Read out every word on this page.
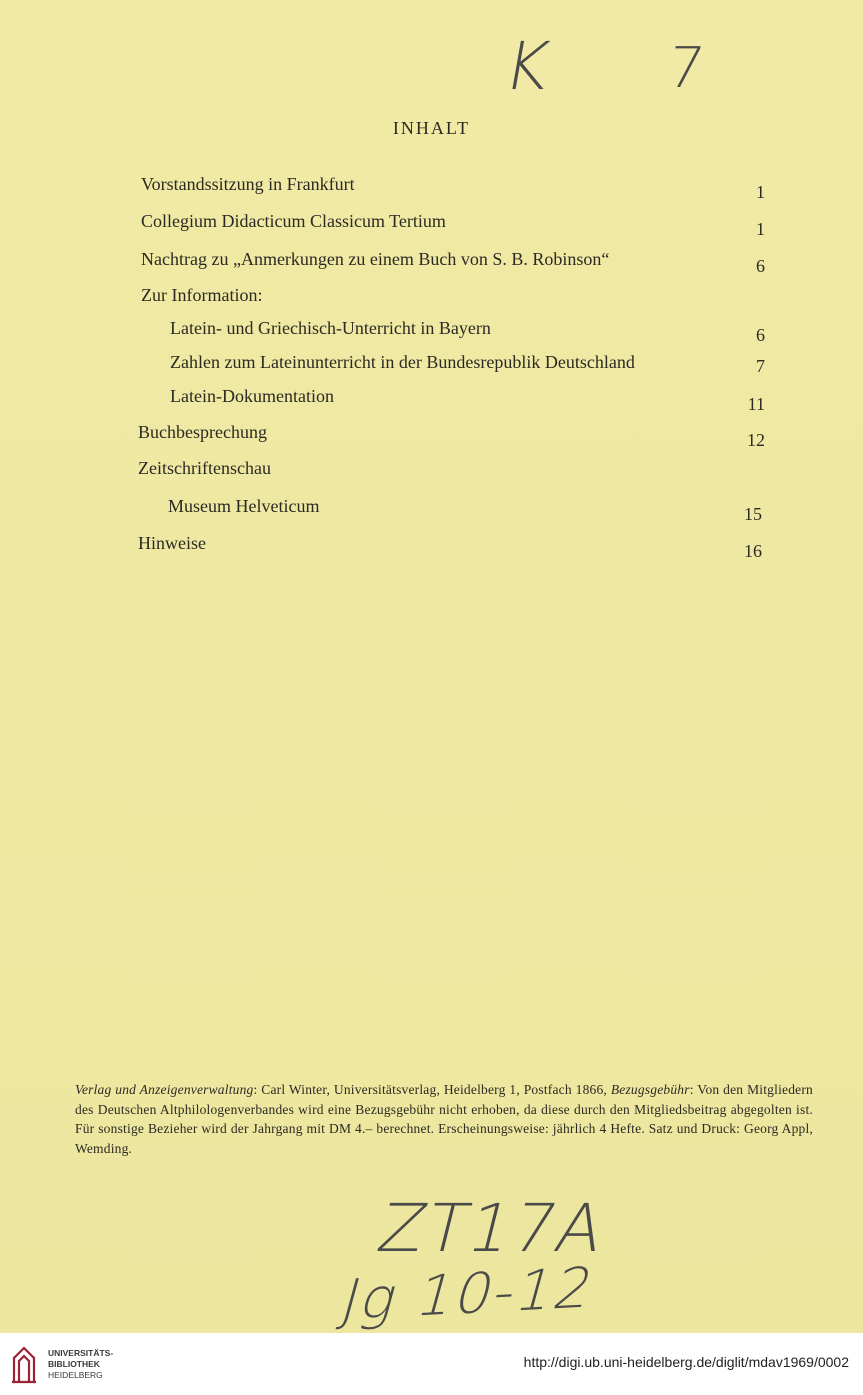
K 7
INHALT
Vorstandssitzung in Frankfurt	1
Collegium Didacticum Classicum Tertium	1
Nachtrag zu „Anmerkungen zu einem Buch von S. B. Robinson“	6
Zur Information:
Latein- und Griechisch-Unterricht in Bayern	6
Zahlen zum Lateinunterricht in der Bundesrepublik Deutschland	7
Latein-Dokumentation	11
Buchbesprechung	12
Zeitschriftenschau
Museum Helveticum	15
Hinweise	16
Verlag und Anzeigenverwaltung: Carl Winter, Universitätsverlag, Heidelberg 1, Postfach 1866, Bezugsgebühr: Von den Mitgliedern des Deutschen Altphilologenverbandes wird eine Bezugsgebühr nicht erhoben, da diese durch den Mitgliedsbeitrag abgegolten ist. Für sonstige Bezieher wird der Jahrgang mit DM 4.– berechnet. Erscheinungsweise: jährlich 4 Hefte. Satz und Druck: Georg Appl, Wemding.
ZT17A
Jg 10-12
UNIVERSITÄTS-
BIBLIOTHEK
HEIDELBERG
http://digi.ub.uni-heidelberg.de/diglit/mdav1969/0002
